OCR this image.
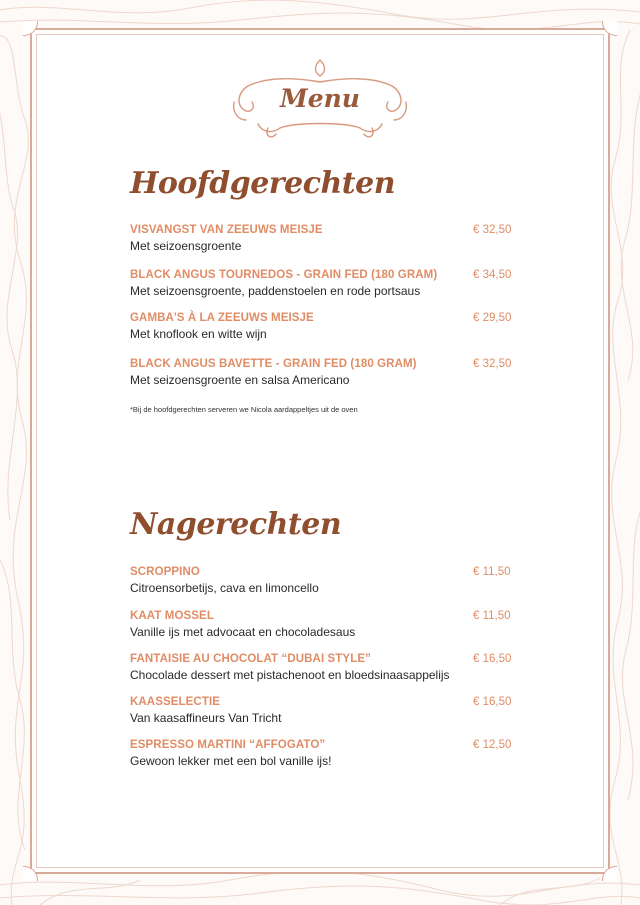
Menu
Hoofdgerechten
VISVANGST VAN ZEEUWS MEISJE
Met seizoensgroente
€ 32,50
BLACK ANGUS TOURNEDOS - GRAIN FED (180 GRAM)
Met seizoensgroente, paddenstoelen en rode portsaus
€ 34,50
GAMBA'S À LA ZEEUWS MEISJE
Met knoflook en witte wijn
€ 29,50
BLACK ANGUS BAVETTE - GRAIN FED (180 GRAM)
Met seizoensgroente en salsa Americano
€ 32,50
*Bij de hoofdgerechten serveren we Nicola aardappeltjes uit de oven
Nagerechten
SCROPPINO
Citroensorbetijs, cava en limoncello
€ 11,50
KAAT MOSSEL
Vanille ijs met advocaat en chocoladesaus
€ 11,50
FANTAISIE AU CHOCOLAT “DUBAI STYLE”
Chocolade dessert met pistachenoot en bloedsinaasappelijs
€ 16,50
KAASSELECTIE
Van kaasaffineurs Van Tricht
€ 16,50
ESPRESSO MARTINI “AFFOGATO”
Gewoon lekker met een bol vanille ijs!
€ 12,50
